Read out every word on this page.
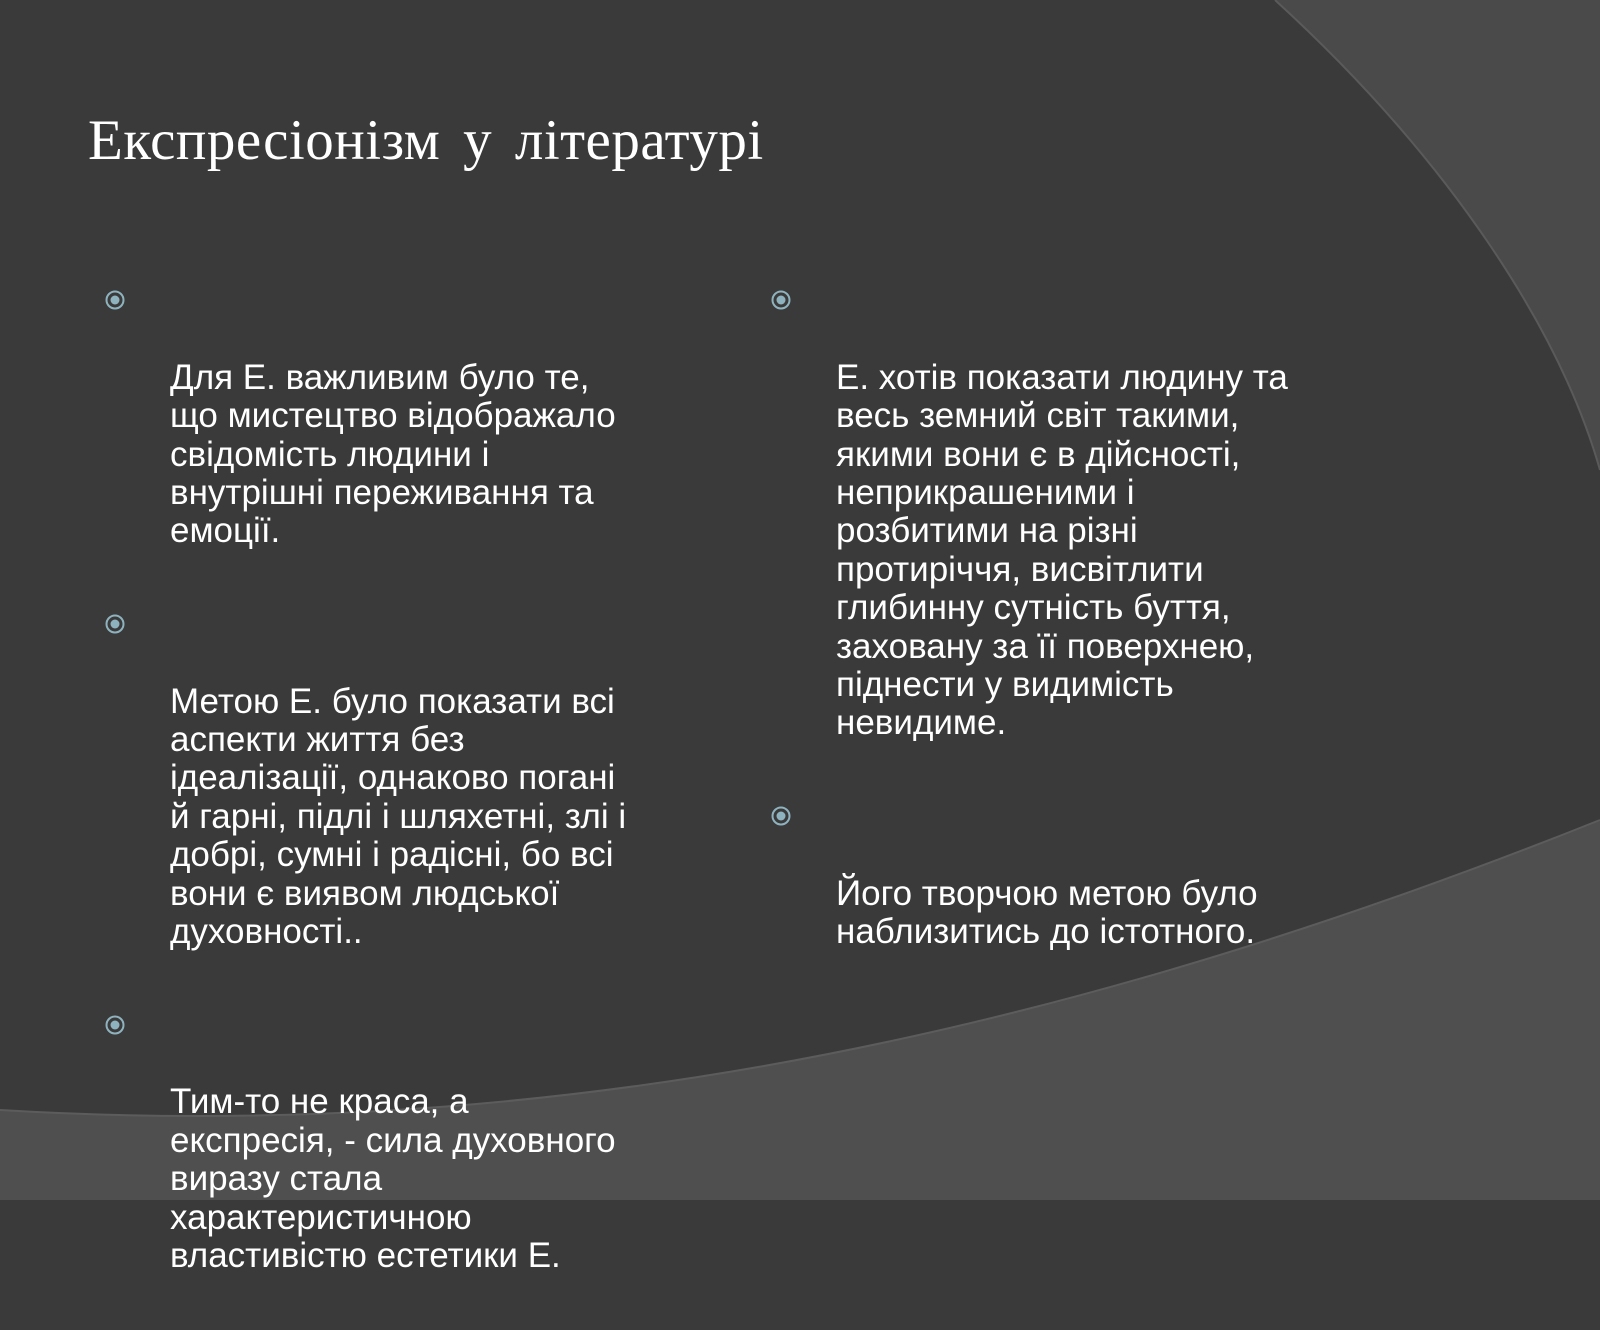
Експресіонізм у літературі

Для Е. важливим було те,
що мистецтво відображало
свідомість людини і
внутрішні переживання та
емоції.

Метою Е. було показати всі
аспекти життя без
ідеалізації, однаково погані
й гарні, підлі і шляхетні, злі і
добрі, сумні і радісні, бо всі
вони є виявом людської
духовності..

Тим-то не краса, а
експресія, - сила духовного
виразу стала
характеристичною
властивістю естетики Е.

Е. хотів показати людину та
весь земний світ такими,
якими вони є в дійсності,
неприкрашеними і
розбитими на різні
протиріччя, висвітлити
глибинну сутність буття,
заховану за її поверхнею,
піднести у видимість
невидиме.

Його творчою метою було
наблизитись до істотного.
